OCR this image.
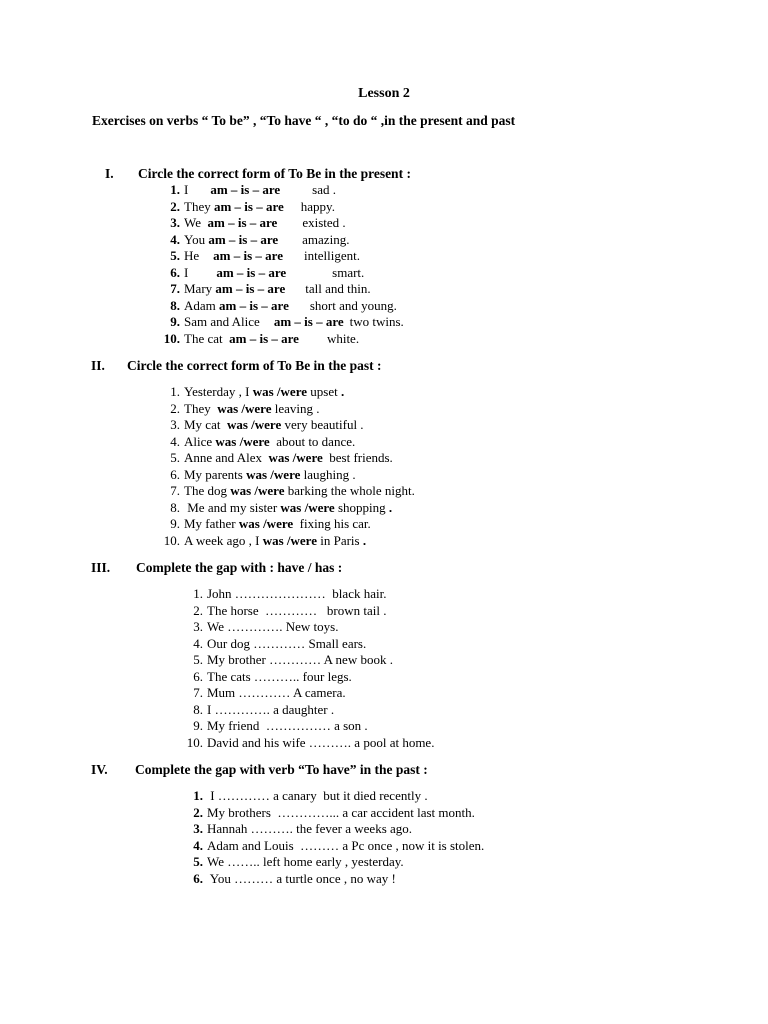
Lesson 2
Exercises on verbs “ To be” , “To have “ , “to do “ ,in the present and past
I. Circle the correct form of To Be in the present :
1. I am – is – are sad .
2. They am – is – are happy.
3. We  am – is – are existed .
4. You am – is – are amazing.
5. He am – is – are intelligent.
6. I am – is – are	smart.
7. Mary am – is – are tall and thin.
8. Adam am – is – are short and young.
9. Sam and Alice am – is – are two twins.
10. The cat  am – is – are white.
II. Circle the correct form of To Be in the past :
1. Yesterday , I was /were upset .
2. They  was /were leaving .
3. My cat  was /were very beautiful .
4. Alice was /were  about to dance.
5. Anne and Alex  was /were  best friends.
6. My parents was /were laughing .
7. The dog was /were barking the whole night.
8. Me and my sister was /were shopping .
9. My father was /were  fixing his car.
10. A week ago , I was /were in Paris .
III. Complete the gap with : have / has :
1. John …………………  black hair.
2. The horse  …………   brown tail .
3. We …………. New toys.
4. Our dog ………… Small ears.
5. My brother ………… A new book .
6. The cats ……….. four legs.
7. Mum ………… A camera.
8. I …………. a daughter .
9. My friend  …………… a son .
10. David and his wife ………. a pool at home.
IV. Complete the gap with verb “To have” in the past :
1. I ………… a canary  but it died recently .
2. My brothers  …………... a car accident last month.
3. Hannah ………. the fever a weeks ago.
4. Adam and Louis  ……… a Pc once , now it is stolen.
5. We …….. left home early , yesterday.
6. You ……… a turtle once , no way !
